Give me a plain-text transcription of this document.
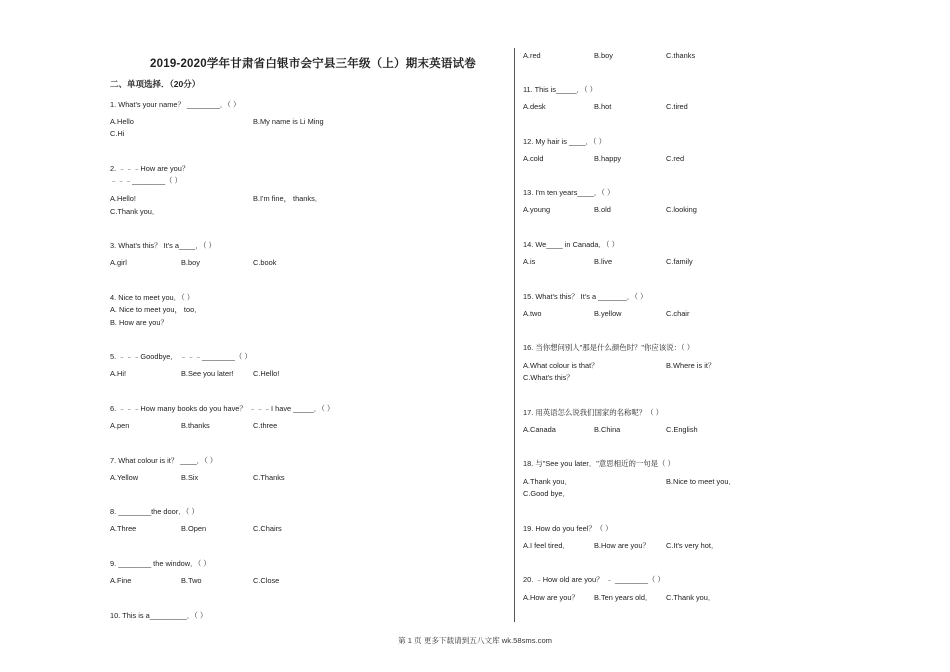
2019-2020学年甘肃省白银市会宁县三年级（上）期末英语试卷
二、单项选择．（20分）
1. What's your name？ ________．（ ）
A.Hello	B.My name is Li Ming
C.Hi
2. ﹣﹣﹣How are you？
﹣﹣﹣________（ ）
A.Hello!	B.I'm fine， thanks．
C.Thank you．
3. What's this？ It's a____．（ ）
A.girl	B.boy	C.book
4. Nice to meet you．（ ）
A. Nice to meet you， too．
B. How are you？
5. ﹣﹣﹣Goodbye． ﹣﹣﹣________（ ）
A.Hi!	B.See you later!	C.Hello!
6. ﹣﹣﹣How many books do you have？ ﹣﹣﹣I have _____．（ ）
A.pen	B.thanks	C.three
7. What colour is it？ ____．（ ）
A.Yellow	B.Six	C.Thanks
8. ________the door．（ ）
A.Three	B.Open	C.Chairs
9. ________ the window．（ ）
A.Fine	B.Two	C.Close
10. This is a_________．（ ）
A.red	B.boy	C.thanks
11. This is_____．（ ）
A.desk	B.hot	C.tired
12. My hair is ____．（ ）
A.cold	B.happy	C.red
13. I'm ten years____．（ ）
A.young	B.old	C.looking
14. We____ in Canada．（ ）
A.is	B.live	C.family
15. What's this？ It's a _______．（ ）
A.two	B.yellow	C.chair
16. 当你想问别人"那是什么颜色时？"你应该说：（ ）
A.What colour is that？	B.Where is it？
C.What's this？
17. 用英语怎么说我们国家的名称呢？（ ）
A.Canada	B.China	C.English
18. 与"See you later．"意思相近的一句是（ ）
A.Thank you．	B.Nice to meet you．
C.Good bye．
19. How do you feel？（ ）
A.I feel tired．	B.How are you？ C.It's very hot．
20. ﹣How old are you？ ﹣ ________（ ）
A.How are you？ B.Ten years old． C.Thank you．
第 1 页 更多下载请到五八文库 wk.58sms.com
